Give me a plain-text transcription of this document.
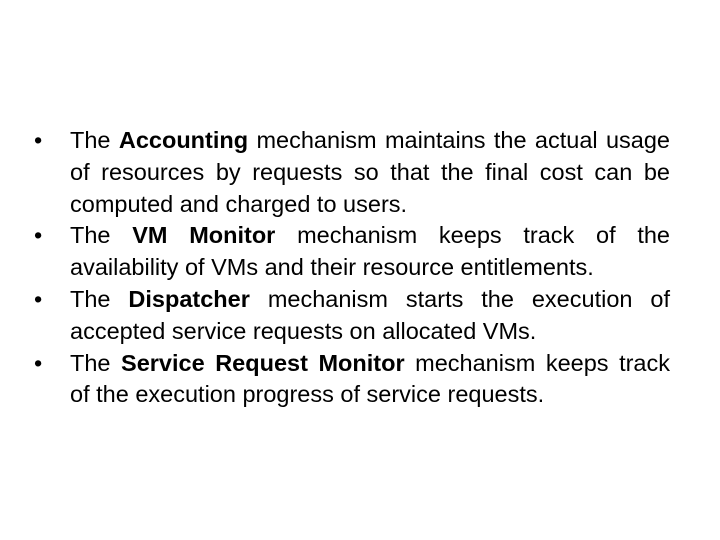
•	The Accounting mechanism maintains the actual usage of resources by requests so that the final cost can be computed and charged to users.
•	The VM Monitor mechanism keeps track of the availability of VMs and their resource entitlements.
•	The Dispatcher mechanism starts the execution of accepted service requests on allocated VMs.
•	The Service Request Monitor mechanism keeps track of the execution progress of service requests.
